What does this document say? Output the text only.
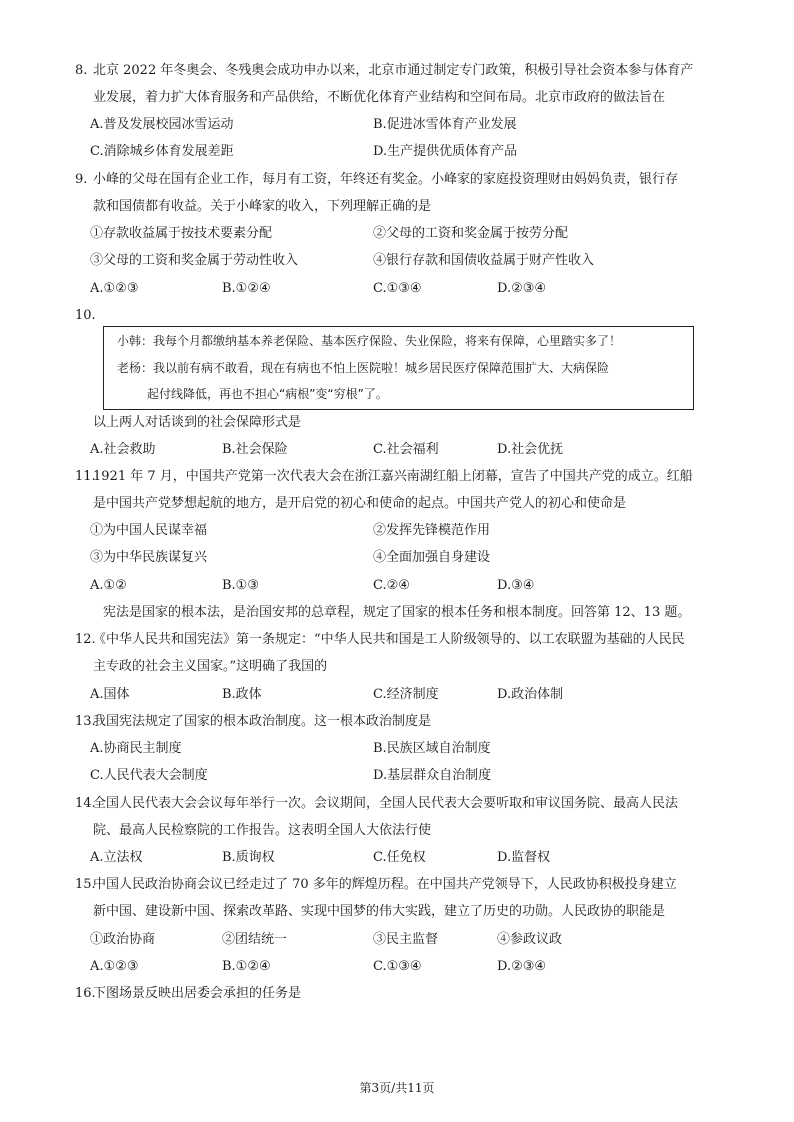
8. 北京 2022 年冬奥会、冬残奥会成功申办以来，北京市通过制定专门政策，积极引导社会资本参与体育产
业发展，着力扩大体育服务和产品供给，不断优化体育产业结构和空间布局。北京市政府的做法旨在
A.普及发展校园冰雪运动	B.促进冰雪体育产业发展
C.消除城乡体育发展差距	D.生产提供优质体育产品
9. 小峰的父母在国有企业工作，每月有工资，年终还有奖金。小峰家的家庭投资理财由妈妈负责，银行存
款和国债都有收益。关于小峰家的收入，下列理解正确的是
①存款收益属于按技术要素分配	②父母的工资和奖金属于按劳分配
③父母的工资和奖金属于劳动性收入	④银行存款和国债收益属于财产性收入
A.①②③	B.①②④	C.①③④	D.②③④
10.
小韩：我每个月都缴纳基本养老保险、基本医疗保险、失业保险，将来有保障，心里踏实多了！
老杨：我以前有病不敢看，现在有病也不怕上医院啦！城乡居民医疗保障范围扩大、大病保险
起付线降低，再也不担心“病根”变“穷根”了。
以上两人对话谈到的社会保障形式是
A.社会救助	B.社会保险	C.社会福利	D.社会优抚
11.
1921 年 7 月，中国共产党第一次代表大会在浙江嘉兴南湖红船上闭幕，宣告了中国共产党的成立。红船
是中国共产党梦想起航的地方，是开启党的初心和使命的起点。中国共产党人的初心和使命是
①为中国人民谋幸福	②发挥先锋模范作用
③为中华民族谋复兴	④全面加强自身建设
A.①②	B.①③	C.②④	D.③④
宪法是国家的根本法，是治国安邦的总章程，规定了国家的根本任务和根本制度。回答第 12、13 题。
12.
《中华人民共和国宪法》第一条规定：“中华人民共和国是工人阶级领导的、以工农联盟为基础的人民民
主专政的社会主义国家。”这明确了我国的
A.国体	B.政体	C.经济制度	D.政治体制
13.
我国宪法规定了国家的根本政治制度。这一根本政治制度是
A.协商民主制度	B.民族区域自治制度
C.人民代表大会制度	D.基层群众自治制度
14.
全国人民代表大会会议每年举行一次。会议期间，全国人民代表大会要听取和审议国务院、最高人民法
院、最高人民检察院的工作报告。这表明全国人大依法行使
A.立法权	B.质询权	C.任免权	D.监督权
15.
中国人民政治协商会议已经走过了 70 多年的辉煌历程。在中国共产党领导下，人民政协积极投身建立
新中国、建设新中国、探索改革路、实现中国梦的伟大实践，建立了历史的功勋。人民政协的职能是
①政治协商	②团结统一	③民主监督	④参政议政
A.①②③	B.①②④	C.①③④	D.②③④
16.
下图场景反映出居委会承担的任务是
第3页/共11页
